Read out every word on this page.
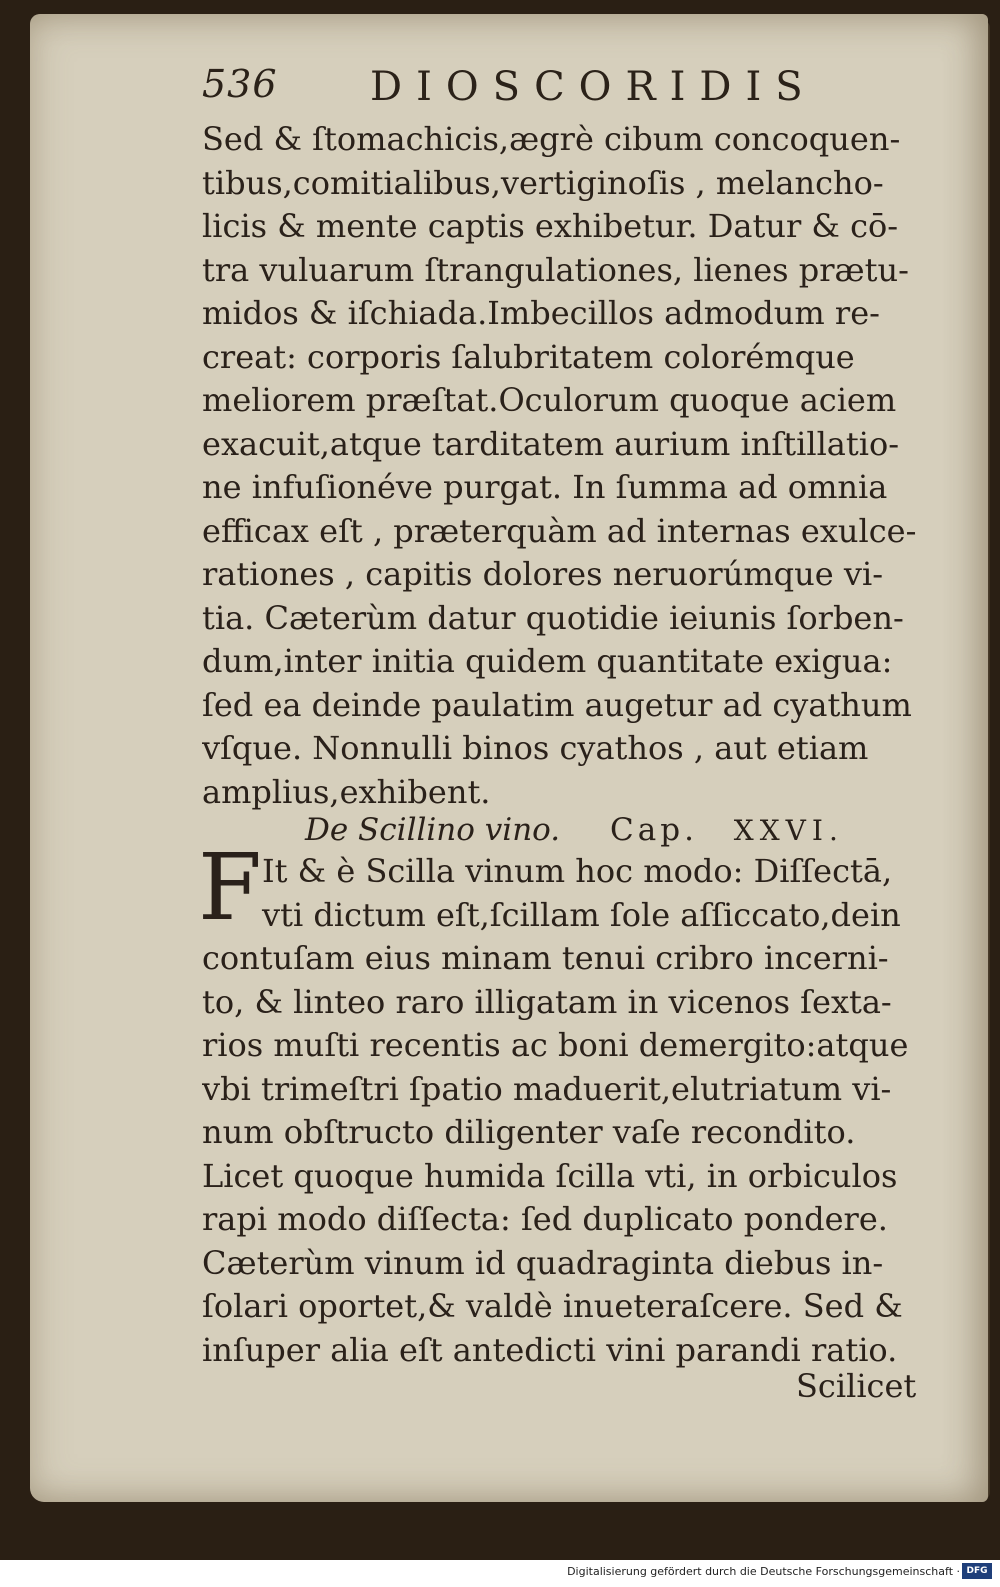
536 DIOSCORIDIS
Sed & ſtomachicis,ægrè cibum concoquen-
tibus,comitialibus,vertiginoſis , melancho-
licis & mente captis exhibetur. Datur & cō-
tra vuluarum ſtrangulationes, lienes prætu-
midos & iſchiada.Imbecillos admodum re-
creat: corporis ſalubritatem colorémque
meliorem præſtat.Oculorum quoque aciem
exacuit,atque tarditatem aurium inſtillatio-
ne infuſionéve purgat. In ſumma ad omnia
efficax eſt , præterquàm ad internas exulce-
rationes , capitis dolores neruorúmque vi-
tia. Cæterùm datur quotidie ieiunis ſorben-
dum,inter initia quidem quantitate exigua:
ſed ea deinde paulatim augetur ad cyathum
vſque. Nonnulli binos cyathos , aut etiam
amplius,exhibent.
De Scillino vino. Cap. XXVI.
F It & è Scilla vinum hoc modo: Diſſectā,
vti dictum eſt,ſcillam ſole aſſiccato,dein
contuſam eius minam tenui cribro incerni-
to, & linteo raro illigatam in vicenos ſexta-
rios muſti recentis ac boni demergito:atque
vbi trimeſtri ſpatio maduerit,elutriatum vi-
num obſtructo diligenter vaſe recondito.
Licet quoque humida ſcilla vti, in orbiculos
rapi modo diſſecta: ſed duplicato pondere.
Cæterùm vinum id quadraginta diebus in-
ſolari oportet,& valdè inueteraſcere. Sed &
inſuper alia eſt antedicti vini parandi ratio.
Scilicet
Digitalisierung gefördert durch die Deutsche Forschungsgemeinschaft · DFG
